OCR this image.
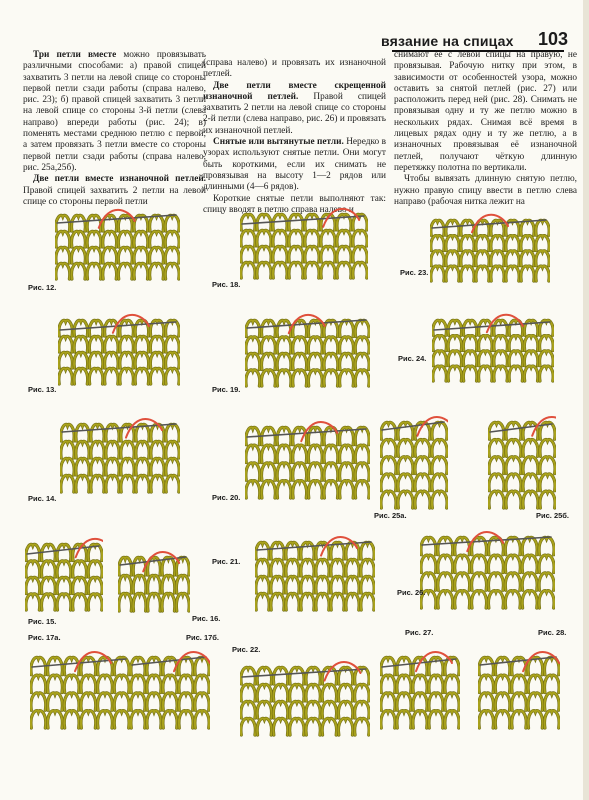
вязание на спицах 103

Три петли вместе можно провязывать различными способами: а) правой спицей захватить 3 петли на левой спице со стороны первой петли сзади работы (справа налево, рис. 23); б) правой спицей захватить 3 петли на левой спице со стороны 3-й петли (слева направо) впереди работы (рис. 24); в) поменять местами среднюю петлю с первой, а затем провязать 3 петли вместе со стороны первой петли сзади работы (справа налево, рис. 25а,25б).

Две петли вместе изнаночной петлей. Правой спицей захватить 2 петли на левой спице со стороны первой петли

(справа налево) и провязать их изнаночной петлей.

Две петли вместе скрещенной изнаночной петлей. Правой спицей захватить 2 петли на левой спице со стороны 2-й петли (слева направо, рис. 26) и провязать их изнаночной петлей.

Снятые или вытянутые петли. Нередко в узорах используют снятые петли. Они могут быть короткими, если их снимать не провязывая на высоту 1—2 рядов или длинными (4—6 рядов).

Короткие снятые петли выполняют так: спицу вводят в петлю справа налево и

снимают её с левой спицы на правую, не провязывая. Рабочую нитку при этом, в зависимости от особенностей узора, можно оставить за снятой петлей (рис. 27) или расположить перед ней (рис. 28). Снимать не провязывая одну и ту же петлю можно в нескольких рядах. Снимая всё время в лицевых рядах одну и ту же петлю, а в изнаночных провязывая её изнаночной петлей, получают чёткую длинную перетяжку полотна по вертикали.

Чтобы вывязать длинную снятую петлю, нужно правую спицу ввести в петлю слева направо (рабочая нитка лежит на

Рис. 12.
Рис. 13.
Рис. 14.
Рис. 15.	Рис. 16.
Рис. 17а.	Рис. 17б.
Рис. 18.
Рис. 19.
Рис. 20.
Рис. 21.
Рис. 22.
Рис. 23.
Рис. 24.
Рис. 25а.	Рис. 25б.
Рис. 26.
Рис. 27.	Рис. 28.
